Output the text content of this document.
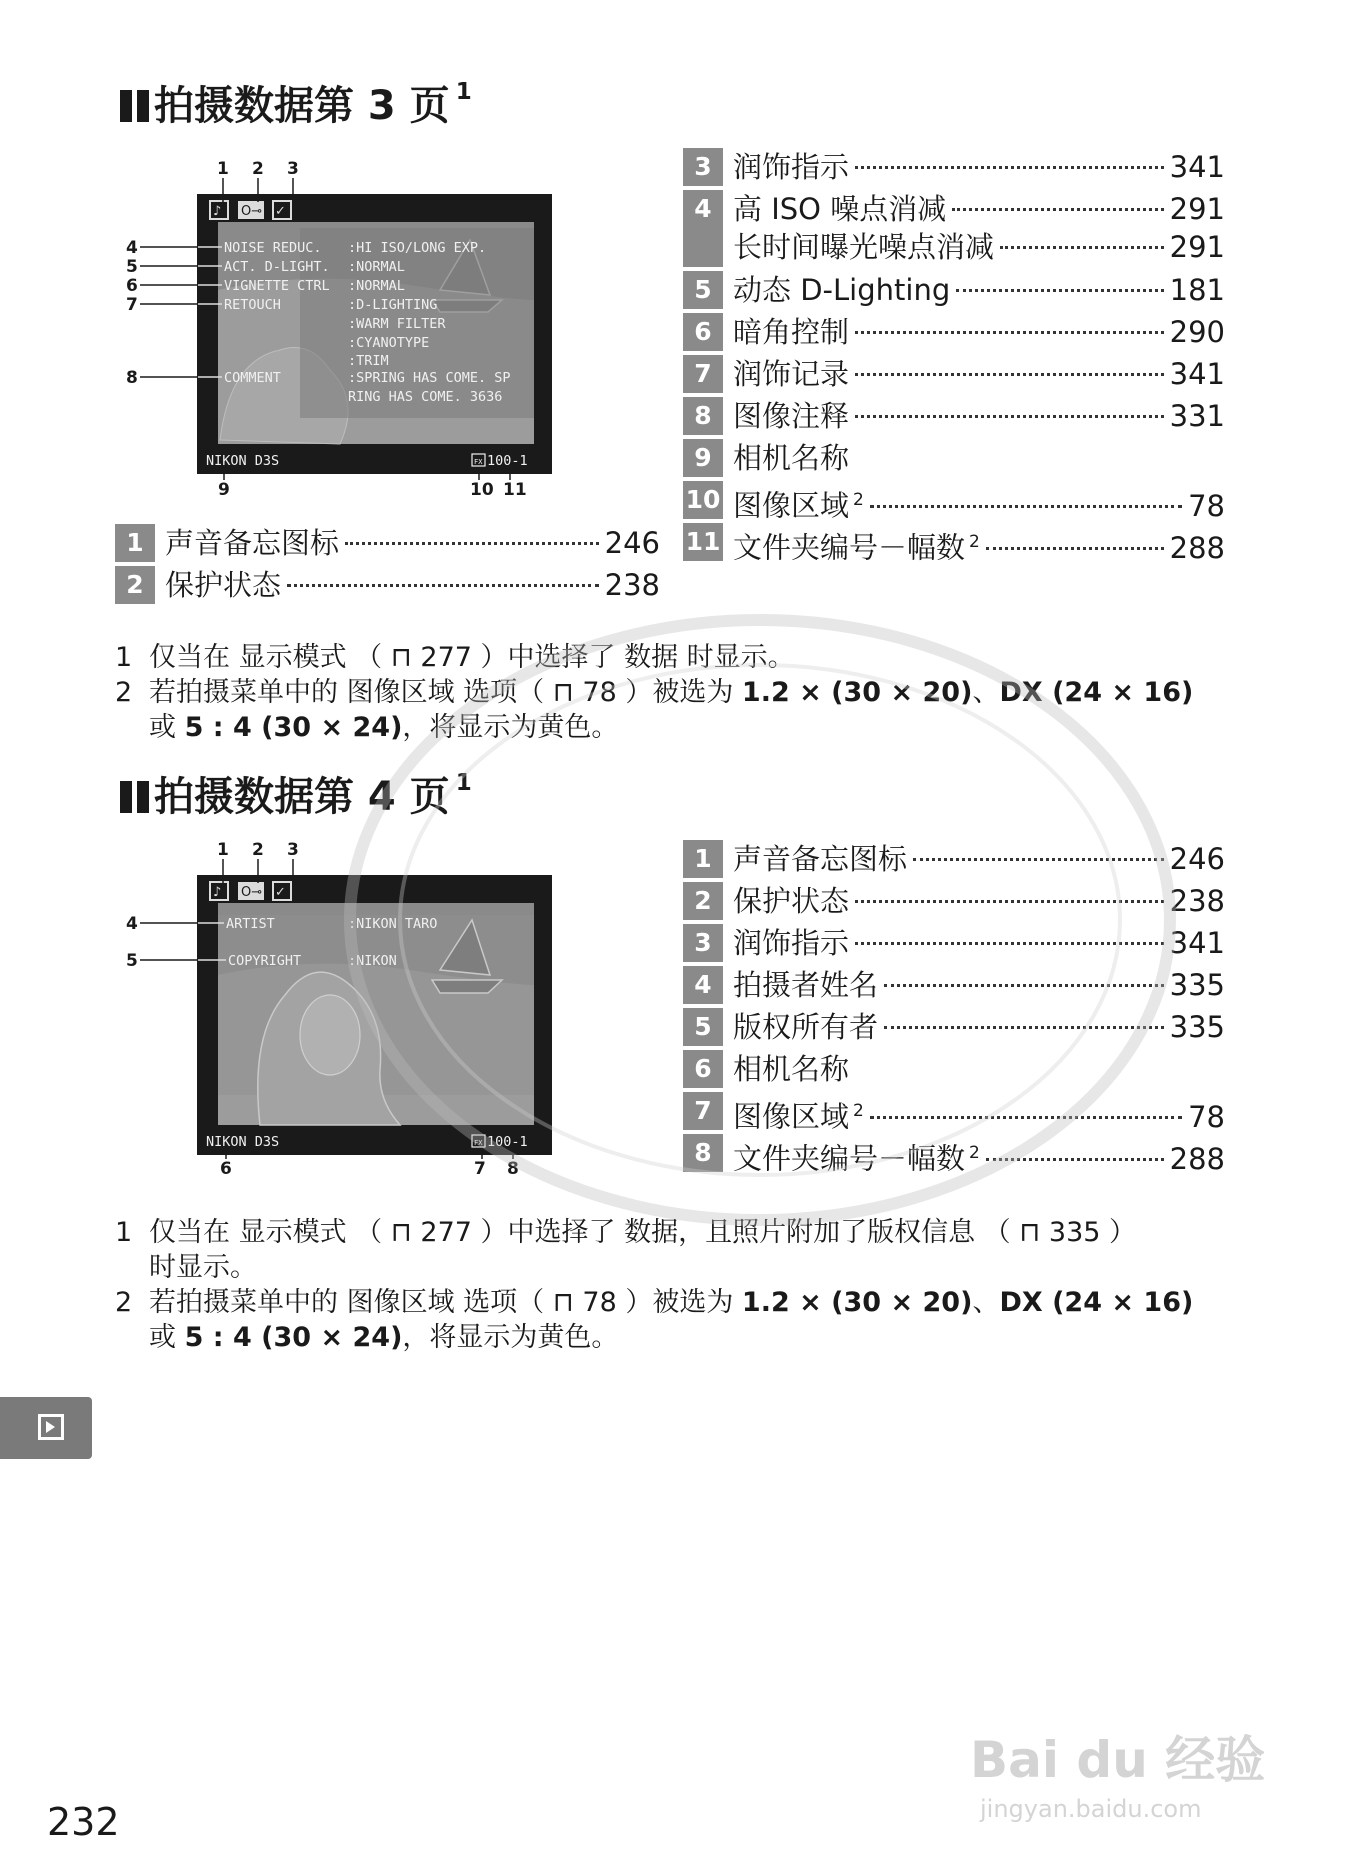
拍摄数据第 3 页 $^1$
1 2 3
4
5
6
7
8
9	10 11
♪ O⊸ ✓
NOISE REDUC. :HI ISO/LONG EXP.
ACT. D-LIGHT. :NORMAL
VIGNETTE CTRL :NORMAL
RETOUCH	:D-LIGHTING
:WARM FILTER
:CYANOTYPE
:TRIM
COMMENT	:SPRING HAS COME. SP
RING HAS COME. 3636
NIKON D3S	FX 100-1
1 声音备忘图标	246
2 保护状态	238
3 润饰指示	341
4 高 ISO 噪点消减	291
长时间曝光噪点消减	291
5 动态 D-Lighting	181
6 暗角控制	290
7 润饰记录	341
8 图像注释	331
9 相机名称
10 图像区域 $^2$	78
11 文件夹编号－幅数 $^2$	288
1 仅当在 显示模式 （ ⊓ 277 ）中选择了 数据 时显示。
2 若拍摄菜单中的 图像区域 选项（ ⊓ 78 ）被选为 1.2 × (30 × 20)、DX (24 × 16)
或 5 : 4 (30 × 24)，将显示为黄色。
拍摄数据第 4 页 $^1$
1 2 3
4
5
6	7 8
♪ O⊸ ✓
ARTIST	:NIKON TARO
COPYRIGHT	:NIKON
NIKON D3S	FX 100-1
1 声音备忘图标	246
2 保护状态	238
3 润饰指示	341
4 拍摄者姓名	335
5 版权所有者	335
6 相机名称
7 图像区域 $^2$	78
8 文件夹编号－幅数 $^2$	288
1 仅当在 显示模式 （ ⊓ 277 ）中选择了 数据，且照片附加了版权信息 （ ⊓ 335 ）
时显示。
2 若拍摄菜单中的 图像区域 选项（ ⊓ 78 ）被选为 1.2 × (30 × 20)、DX (24 × 16)
或 5 : 4 (30 × 24)，将显示为黄色。
Bai du 经验
jingyan.baidu.com
232
